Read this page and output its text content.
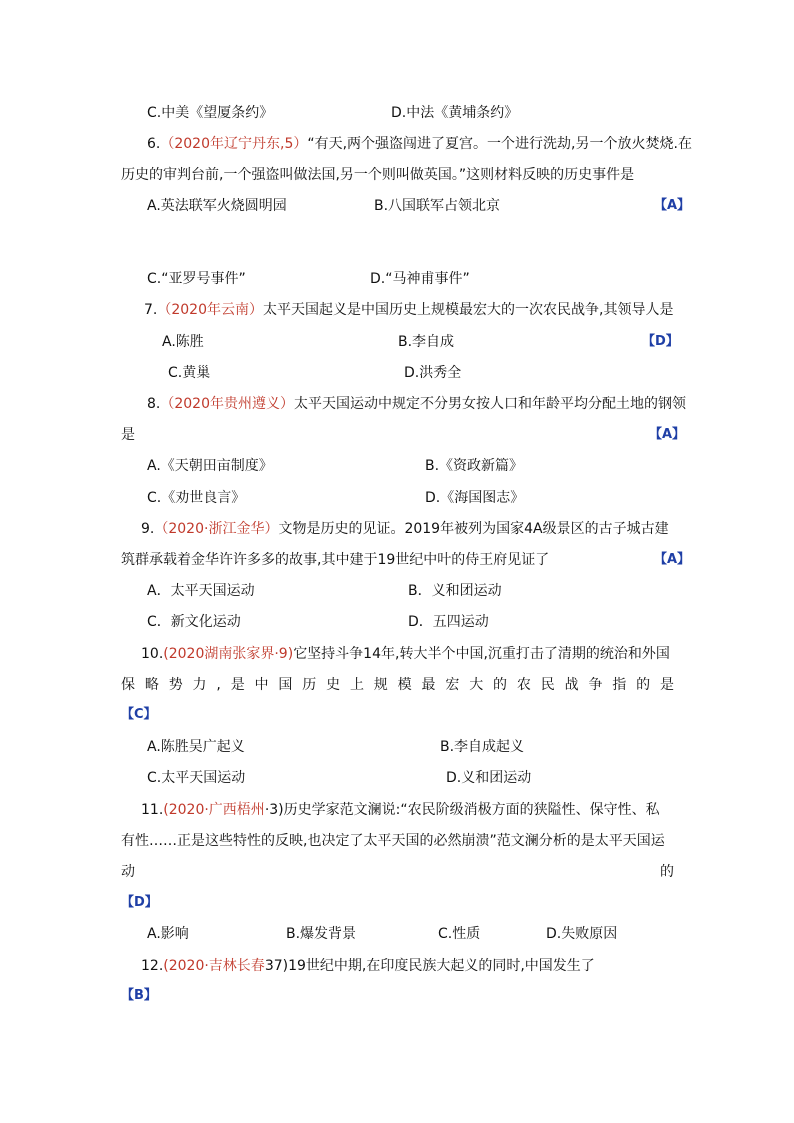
C.中美《望厦条约》	D.中法《黄埔条约》
6.（2020年辽宁丹东,5）“有天,两个强盗闯进了夏宫。一个进行洗劫,另一个放火焚烧.在
历史的审判台前,一个强盗叫做法国,另一个则叫做英国。”这则材料反映的历史事件是
A.英法联军火烧圆明园	B.八国联军占领北京	【A】
C.“亚罗号事件”	D.“马神甫事件”
7.（2020年云南）太平天国起义是中国历史上规模最宏大的一次农民战争,其领导人是
A.陈胜	B.李自成	【D】
C.黄巢	D.洪秀全
8.（2020年贵州遵义）太平天国运动中规定不分男女按人口和年龄平均分配土地的钢领
是	【A】
A.《天朝田亩制度》	B.《资政新篇》
C.《劝世良言》	D.《海国图志》
9.（2020·浙江金华）文物是历史的见证。2019年被列为国家4A级景区的古子城古建
筑群承载着金华许许多多的故事,其中建于19世纪中叶的侍王府见证了	【A】
A．太平天国运动	B．义和团运动
C．新文化运动	D．五四运动
10.(2020湖南张家界·9)它坚持斗争14年,转大半个中国,沉重打击了清期的统治和外国
保略势力,是中国历史上规模最宏大的农民战争指的是
【C】
A.陈胜吴广起义	B.李自成起义
C.太平天国运动	D.义和团运动
11.(2020·广西梧州·3)历史学家范文澜说:“农民阶级消极方面的狭隘性、保守性、私
有性……正是这些特性的反映,也决定了太平天国的必然崩溃”范文澜分析的是太平天国运
动	的
【D】
A.影响	B.爆发背景	C.性质	D.失败原因
12.(2020·吉林长春37)19世纪中期,在印度民族大起义的同时,中国发生了
【B】
